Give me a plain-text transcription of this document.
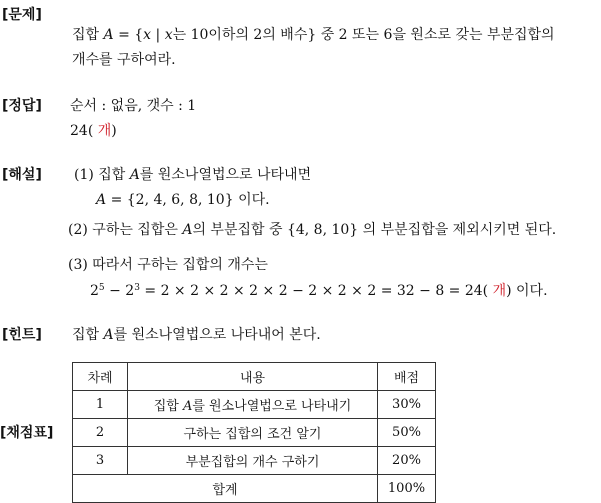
[문제]
집합 A = {x | x는 10이하의 2의 배수} 중 2 또는 6을 원소로 갖는 부분집합의
개수를 구하여라.
[정답] 순서 : 없음, 갯수 : 1
24( 개)
[해설] (1) 집합 A를 원소나열법으로 나타내면
A = {2, 4, 6, 8, 10} 이다.
(2) 구하는 집합은 A의 부분집합 중 {4, 8, 10} 의 부분집합을 제외시키면 된다.
(3) 따라서 구하는 집합의 개수는
$2^5 - 2^3 = 2 \times 2 \times 2 \times 2 \times 2 - 2 \times 2 \times 2 = 32 - 8 = 24$( 개) 이다.
[힌트] 집합 A를 원소나열법으로 나타내어 본다.
[채점표]
차례	내용	배점
1	집합 A를 원소나열법으로 나타내기	30%
2	구하는 집합의 조건 알기	50%
3	부분집합의 개수 구하기	20%
합계		100%
